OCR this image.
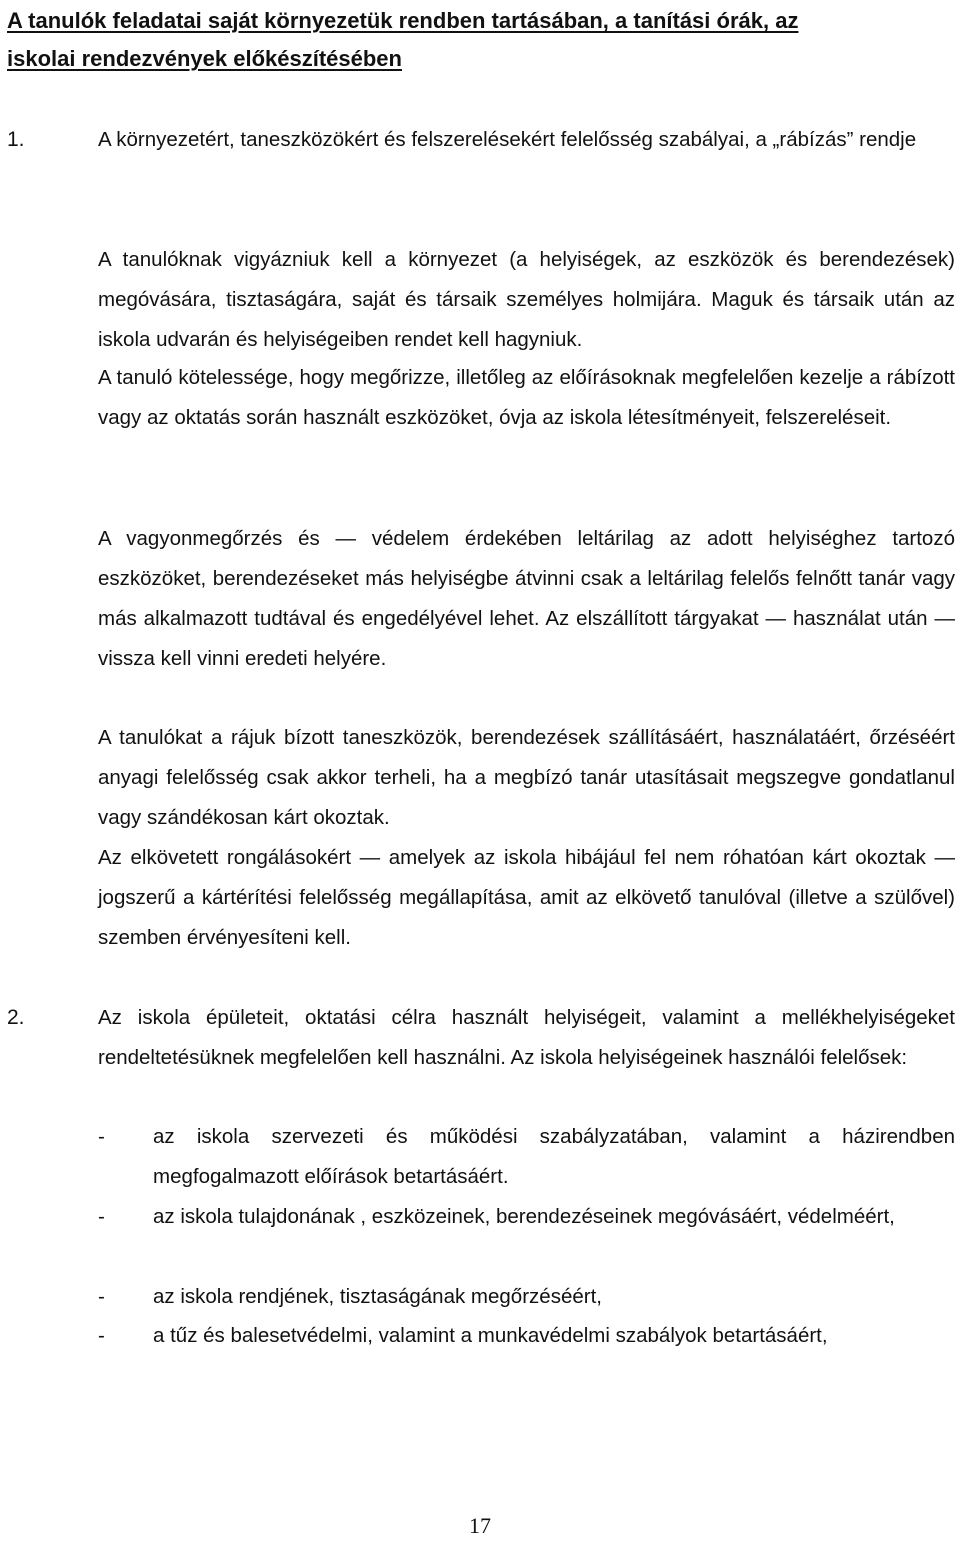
A tanulók feladatai saját környezetük rendben tartásában, a tanítási órák, az
iskolai rendezvények előkészítésében
1.	A környezetért, taneszközökért és felszerelésekért felelősség szabályai, a „rábízás” rendje

A tanulóknak vigyázniuk kell a környezet (a helyiségek, az eszközök és berendezések) megóvására, tisztaságára, saját és társaik személyes holmijára. Maguk és társaik után az iskola udvarán és helyiségeiben rendet kell hagyniuk.

A tanuló kötelessége, hogy megőrizze, illetőleg az előírásoknak megfelelően kezelje a rábízott vagy az oktatás során használt eszközöket, óvja az iskola létesítményeit, felszereléseit.

A vagyonmegőrzés és — védelem érdekében leltárilag az adott helyiséghez tartozó eszközöket, berendezéseket más helyiségbe átvinni csak a leltárilag felelős felnőtt tanár vagy más alkalmazott tudtával és engedélyével lehet. Az elszállított tárgyakat — használat után — vissza kell vinni eredeti helyére.

A tanulókat a rájuk bízott taneszközök, berendezések szállításáért, használatáért, őrzéséért anyagi felelősség csak akkor terheli, ha a megbízó tanár utasításait megszegve gondatlanul vagy szándékosan kárt okoztak.

Az elkövetett rongálásokért — amelyek az iskola hibájául fel nem róhatóan kárt okoztak — jogszerű a kártérítési felelősség megállapítása, amit az elkövető tanulóval (illetve a szülővel) szemben érvényesíteni kell.

2.	Az iskola épületeit, oktatási célra használt helyiségeit, valamint a mellékhelyiségeket rendeltetésüknek megfelelően kell használni. Az iskola helyiségeinek használói felelősek:

- az iskola szervezeti és működési szabályzatában, valamint a házirendben megfogalmazott előírások betartásáért.

- az iskola tulajdonának , eszközeinek, berendezéseinek megóvásáért, védelméért,

- az iskola rendjének, tisztaságának megőrzéséért,

- a tűz és balesetvédelmi, valamint a munkavédelmi szabályok betartásáért,

17
